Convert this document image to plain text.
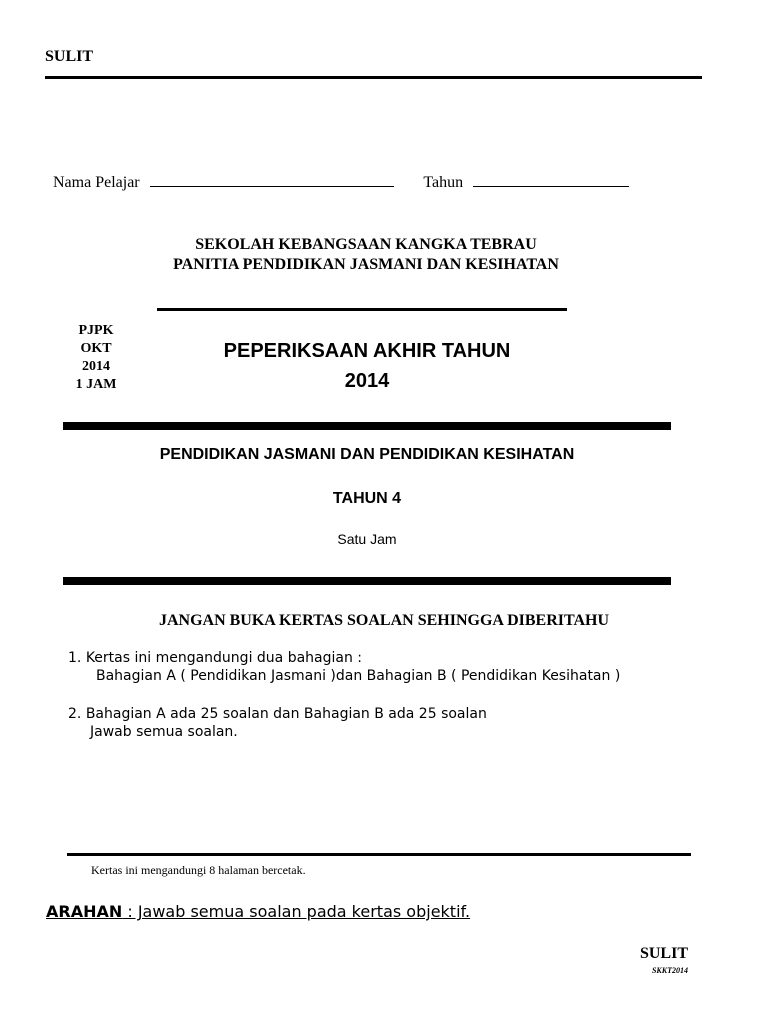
SULIT
Nama Pelajar	Tahun
SEKOLAH KEBANGSAAN KANGKA TEBRAU
PANITIA PENDIDIKAN JASMANI DAN KESIHATAN
PJPK
OKT
2014
1 JAM
PEPERIKSAAN AKHIR TAHUN
2014
PENDIDIKAN JASMANI DAN PENDIDIKAN KESIHATAN
TAHUN 4
Satu Jam
JANGAN BUKA KERTAS SOALAN SEHINGGA DIBERITAHU
1. Kertas ini mengandungi dua bahagian :
Bahagian A ( Pendidikan Jasmani )dan Bahagian B ( Pendidikan Kesihatan )
2. Bahagian A ada 25 soalan dan Bahagian B ada 25 soalan
Jawab semua soalan.
Kertas ini mengandungi 8 halaman bercetak.
ARAHAN : Jawab semua soalan pada kertas objektif.
SULIT
SKKT2014
